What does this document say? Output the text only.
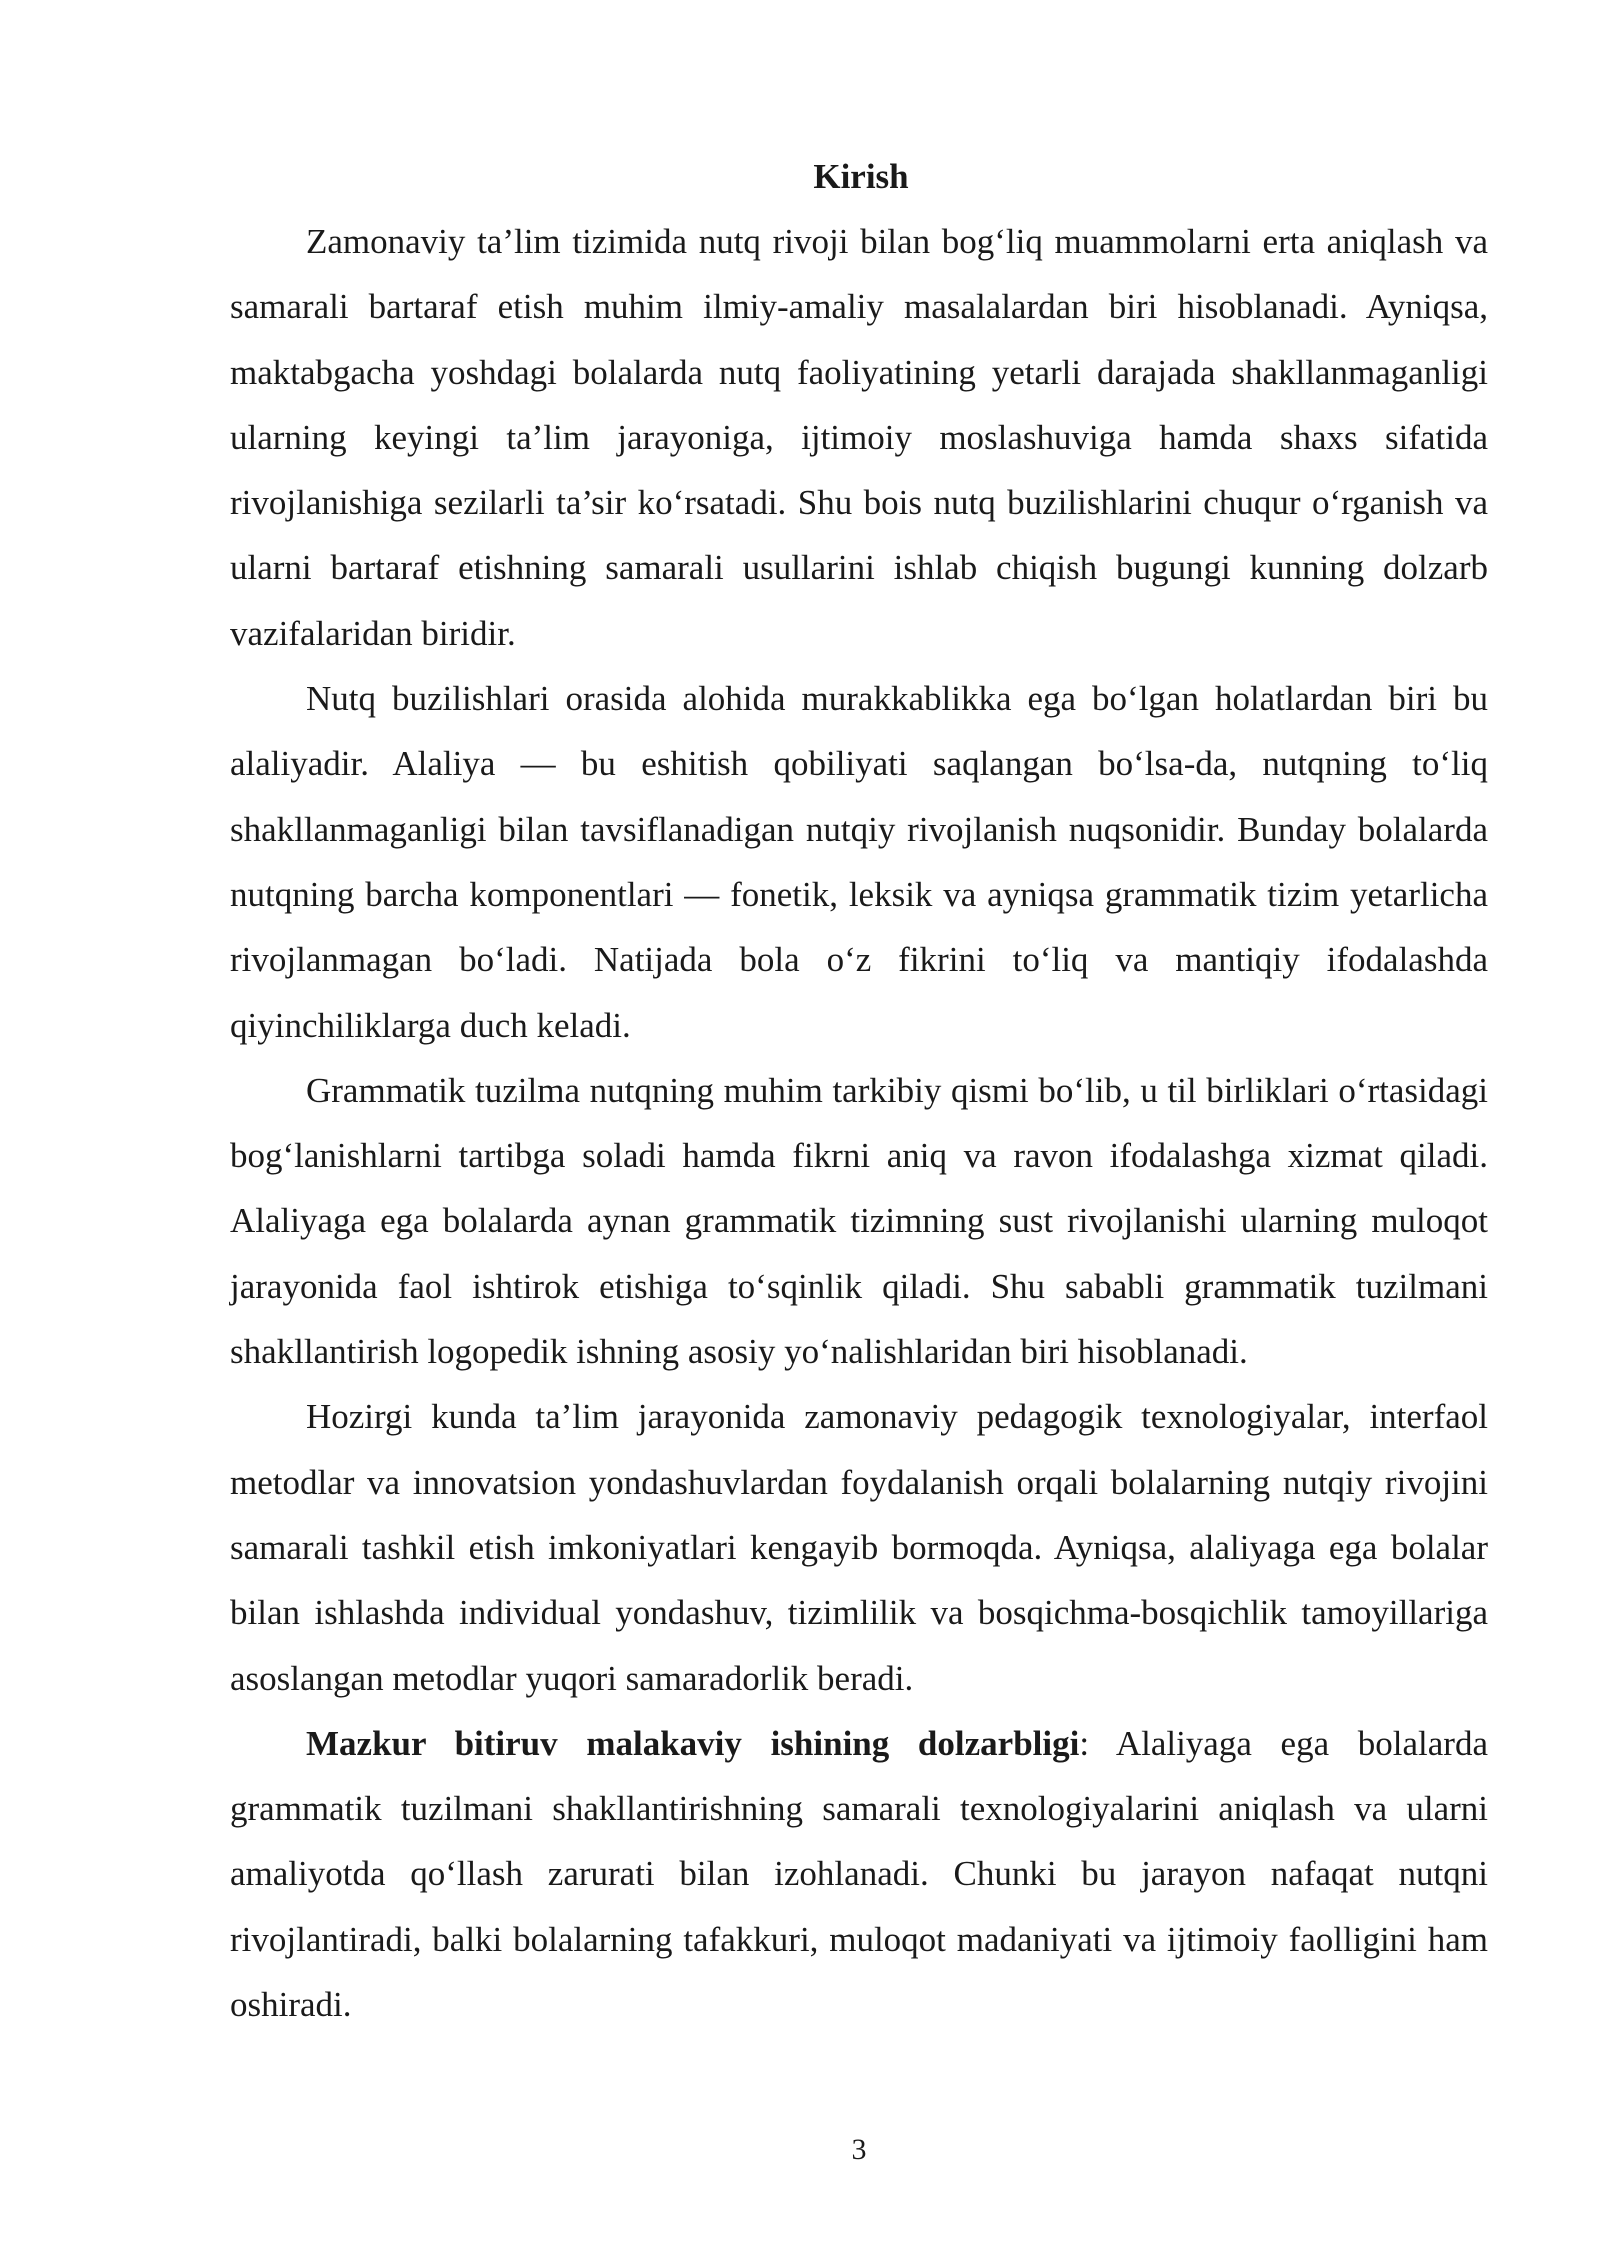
Kirish

Zamonaviy ta’lim tizimida nutq rivoji bilan bog‘liq muammolarni erta aniqlash va samarali bartaraf etish muhim ilmiy-amaliy masalalardan biri hisoblanadi. Ayniqsa, maktabgacha yoshdagi bolalarda nutq faoliyatining yetarli darajada shakllanmaganligi ularning keyingi ta’lim jarayoniga, ijtimoiy moslashuviga hamda shaxs sifatida rivojlanishiga sezilarli ta’sir ko‘rsatadi. Shu bois nutq buzilishlarini chuqur o‘rganish va ularni bartaraf etishning samarali usullarini ishlab chiqish bugungi kunning dolzarb vazifalaridan biridir.

Nutq buzilishlari orasida alohida murakkablikka ega bo‘lgan holatlardan biri bu alaliyadir. Alaliya — bu eshitish qobiliyati saqlangan bo‘lsa-da, nutqning to‘liq shakllanmaganligi bilan tavsiflanadigan nutqiy rivojlanish nuqsonidir. Bunday bolalarda nutqning barcha komponentlari — fonetik, leksik va ayniqsa grammatik tizim yetarlicha rivojlanmagan bo‘ladi. Natijada bola o‘z fikrini to‘liq va mantiqiy ifodalashda qiyinchiliklarga duch keladi.

Grammatik tuzilma nutqning muhim tarkibiy qismi bo‘lib, u til birliklari o‘rtasidagi bog‘lanishlarni tartibga soladi hamda fikrni aniq va ravon ifodalashga xizmat qiladi. Alaliyaga ega bolalarda aynan grammatik tizimning sust rivojlanishi ularning muloqot jarayonida faol ishtirok etishiga to‘sqinlik qiladi. Shu sababli grammatik tuzilmani shakllantirish logopedik ishning asosiy yo‘nalishlaridan biri hisoblanadi.

Hozirgi kunda ta’lim jarayonida zamonaviy pedagogik texnologiyalar, interfaol metodlar va innovatsion yondashuvlardan foydalanish orqali bolalarning nutqiy rivojini samarali tashkil etish imkoniyatlari kengayib bormoqda. Ayniqsa, alaliyaga ega bolalar bilan ishlashda individual yondashuv, tizimlilik va bosqichma-bosqichlik tamoyillariga asoslangan metodlar yuqori samaradorlik beradi.

Mazkur bitiruv malakaviy ishining dolzarbligi: Alaliyaga ega bolalarda grammatik tuzilmani shakllantirishning samarali texnologiyalarini aniqlash va ularni amaliyotda qo‘llash zarurati bilan izohlanadi. Chunki bu jarayon nafaqat nutqni rivojlantiradi, balki bolalarning tafakkuri, muloqot madaniyati va ijtimoiy faolligini ham oshiradi.

3
